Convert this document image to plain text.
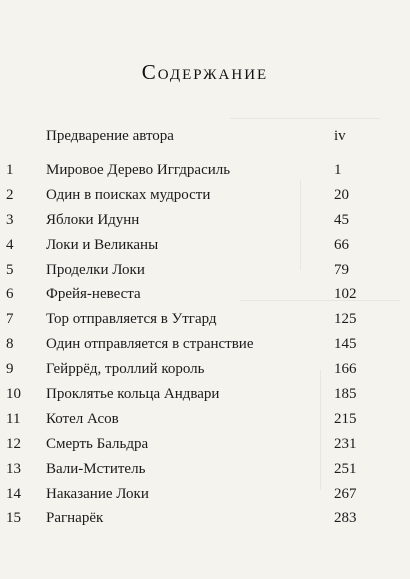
Содержание
Предварение автора	iv
1	Мировое Дерево Иггдрасиль	1
2	Один в поисках мудрости	20
3	Яблоки Идунн	45
4	Локи и Великаны	66
5	Проделки Локи	79
6	Фрейя-невеста	102
7	Тор отправляется в Утгард	125
8	Один отправляется в странствие	145
9	Гейррёд, троллий король	166
10	Проклятье кольца Андвари	185
11	Котел Асов	215
12	Смерть Бальдра	231
13	Вали-Мститель	251
14	Наказание Локи	267
15	Рагнарёк	283
